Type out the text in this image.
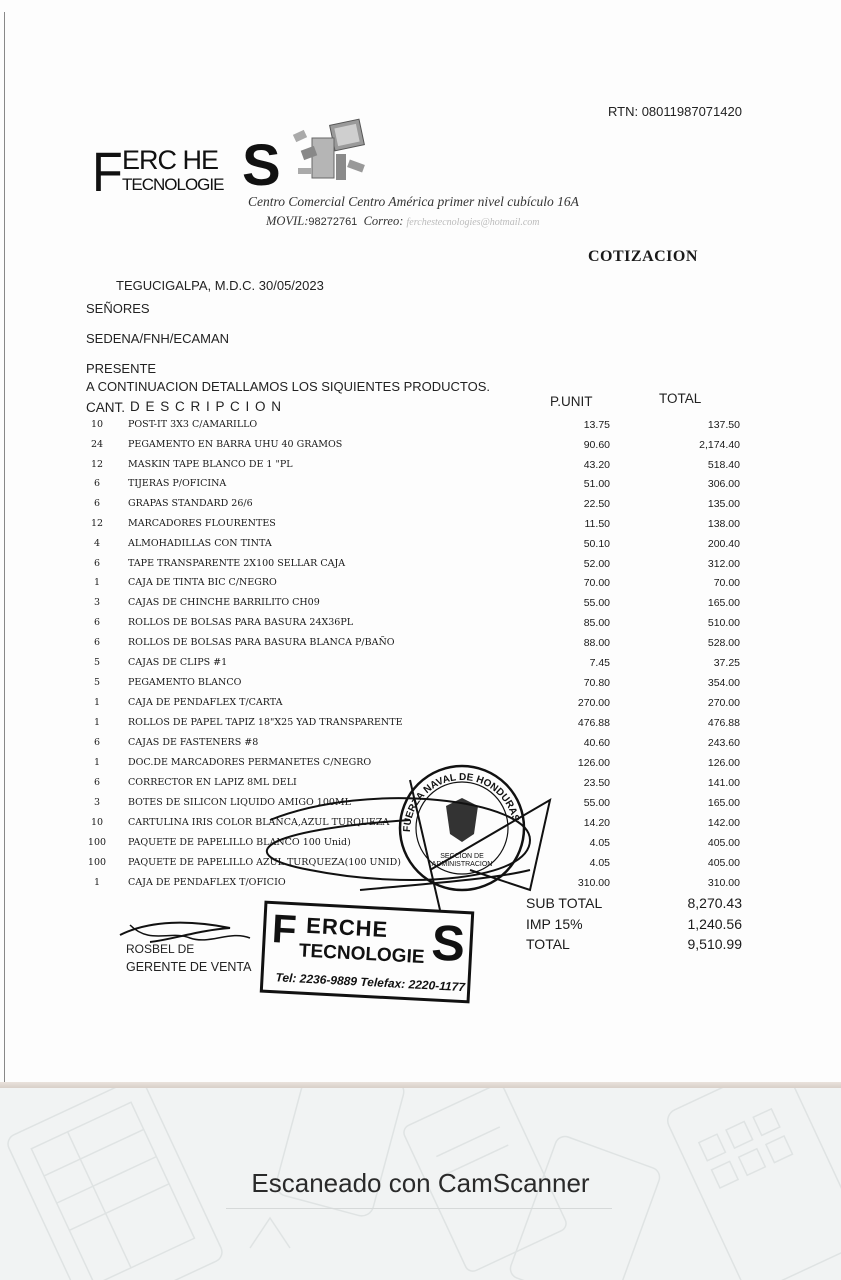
RTN: 08011987071420
F ERC HE
TECNOLOGIE S
Centro Comercial Centro América primer nivel cubículo 16A
MOVIL:98272761 Correo: ferchestecnologies@hotmail.com
COTIZACION
TEGUCIGALPA, M.D.C. 30/05/2023
SEÑORES
SEDENA/FNH/ECAMAN
PRESENTE
A CONTINUACION DETALLAMOS LOS SIQUIENTES PRODUCTOS.
CANT. D E S C R I P C I O N	P.UNIT	TOTAL
10	POST-IT 3X3 C/AMARILLO	13.75	137.50
24	PEGAMENTO EN BARRA UHU 40 GRAMOS	90.60	2,174.40
12	MASKIN TAPE BLANCO DE 1 "PL	43.20	518.40
6	TIJERAS P/OFICINA	51.00	306.00
6	GRAPAS STANDARD 26/6	22.50	135.00
12	MARCADORES FLOURENTES	11.50	138.00
4	ALMOHADILLAS CON TINTA	50.10	200.40
6	TAPE TRANSPARENTE 2X100 SELLAR CAJA	52.00	312.00
1	CAJA DE TINTA BIC C/NEGRO	70.00	70.00
3	CAJAS DE CHINCHE BARRILITO CH09	55.00	165.00
6	ROLLOS DE BOLSAS PARA BASURA 24X36PL	85.00	510.00
6	ROLLOS DE BOLSAS PARA BASURA BLANCA P/BAÑO	88.00	528.00
5	CAJAS DE CLIPS #1	7.45	37.25
5	PEGAMENTO BLANCO	70.80	354.00
1	CAJA DE PENDAFLEX T/CARTA	270.00	270.00
1	ROLLOS DE PAPEL TAPIZ 18"X25 YAD TRANSPARENTE	476.88	476.88
6	CAJAS DE FASTENERS #8	40.60	243.60
1	DOC.DE MARCADORES PERMANETES C/NEGRO	126.00	126.00
6	CORRECTOR EN LAPIZ 8ML DELI	23.50	141.00
3	BOTES DE SILICON LIQUIDO AMIGO 100ML	55.00	165.00
10	CARTULINA IRIS COLOR BLANCA,AZUL TURQUEZA	14.20	142.00
100	PAQUETE DE PAPELILLO BLANCO 100 Unid)	4.05	405.00
100	PAQUETE DE PAPELILLO AZUL TURQUEZA(100 UNID)	4.05	405.00
1	CAJA DE PENDAFLEX T/OFICIO	310.00	310.00
SUB TOTAL	8,270.43
IMP 15%	1,240.56
TOTAL	9,510.99
ROSBEL DE
GERENTE DE VENTA
F ERCHE
TECNOLOGIE S
Tel: 2236-9889 Telefax: 2220-1177
FUERZA NAVAL DE HONDURAS
SECCION DE
ADMINISTRACION
Escaneado con CamScanner
